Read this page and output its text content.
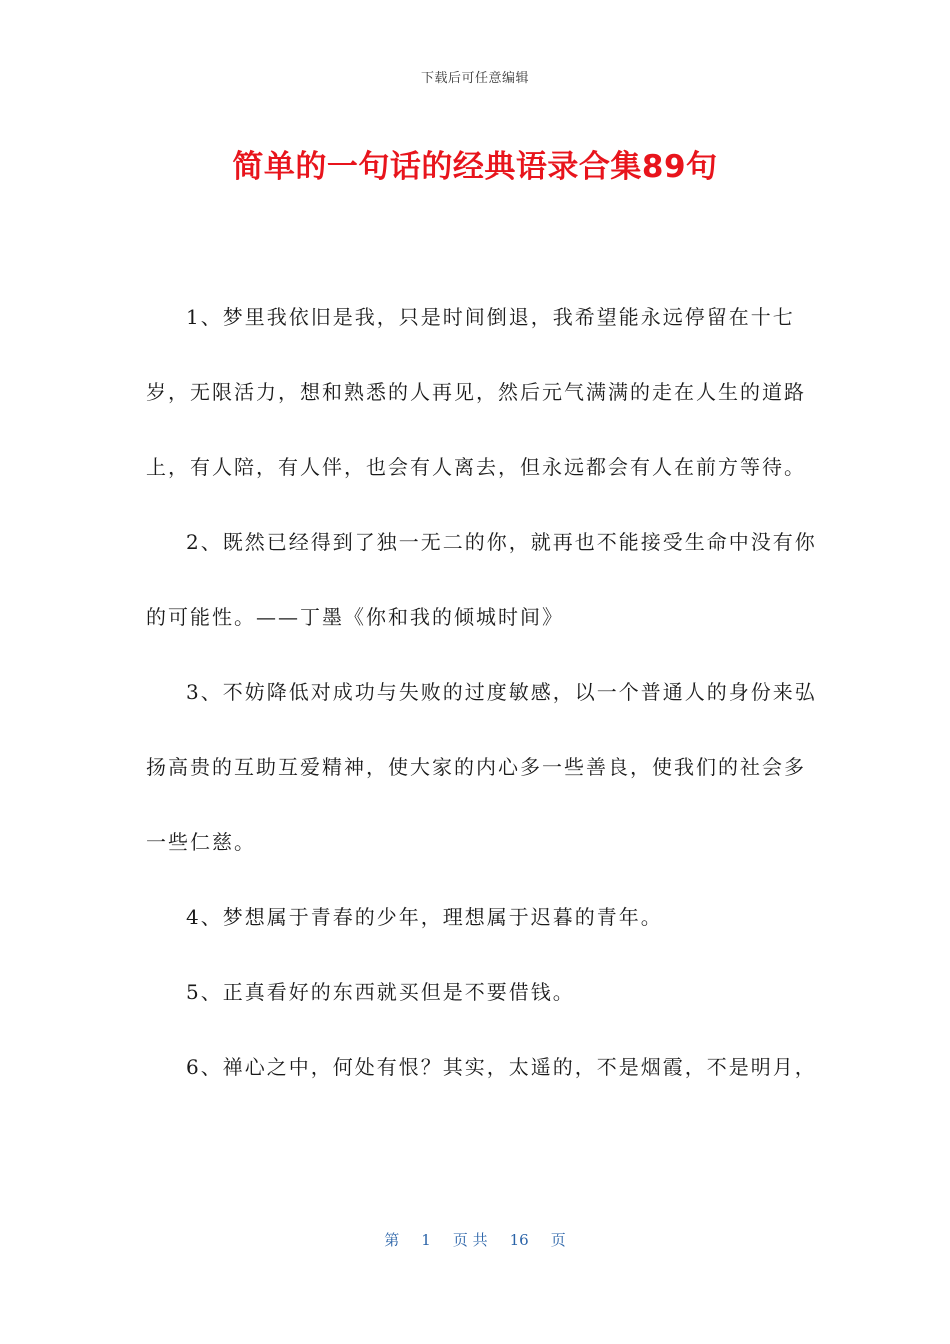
下载后可任意编辑
简单的一句话的经典语录合集89句

1、梦里我依旧是我，只是时间倒退，我希望能永远停留在十七岁，无限活力，想和熟悉的人再见，然后元气满满的走在人生的道路上，有人陪，有人伴，也会有人离去，但永远都会有人在前方等待。

2、既然已经得到了独一无二的你，就再也不能接受生命中没有你的可能性。——丁墨《你和我的倾城时间》

3、不妨降低对成功与失败的过度敏感，以一个普通人的身份来弘扬高贵的互助互爱精神，使大家的内心多一些善良，使我们的社会多一些仁慈。

4、梦想属于青春的少年，理想属于迟暮的青年。

5、正真看好的东西就买但是不要借钱。

6、禅心之中，何处有恨？其实，太遥的，不是烟霞，不是明月，

第 1 页 共 16 页
